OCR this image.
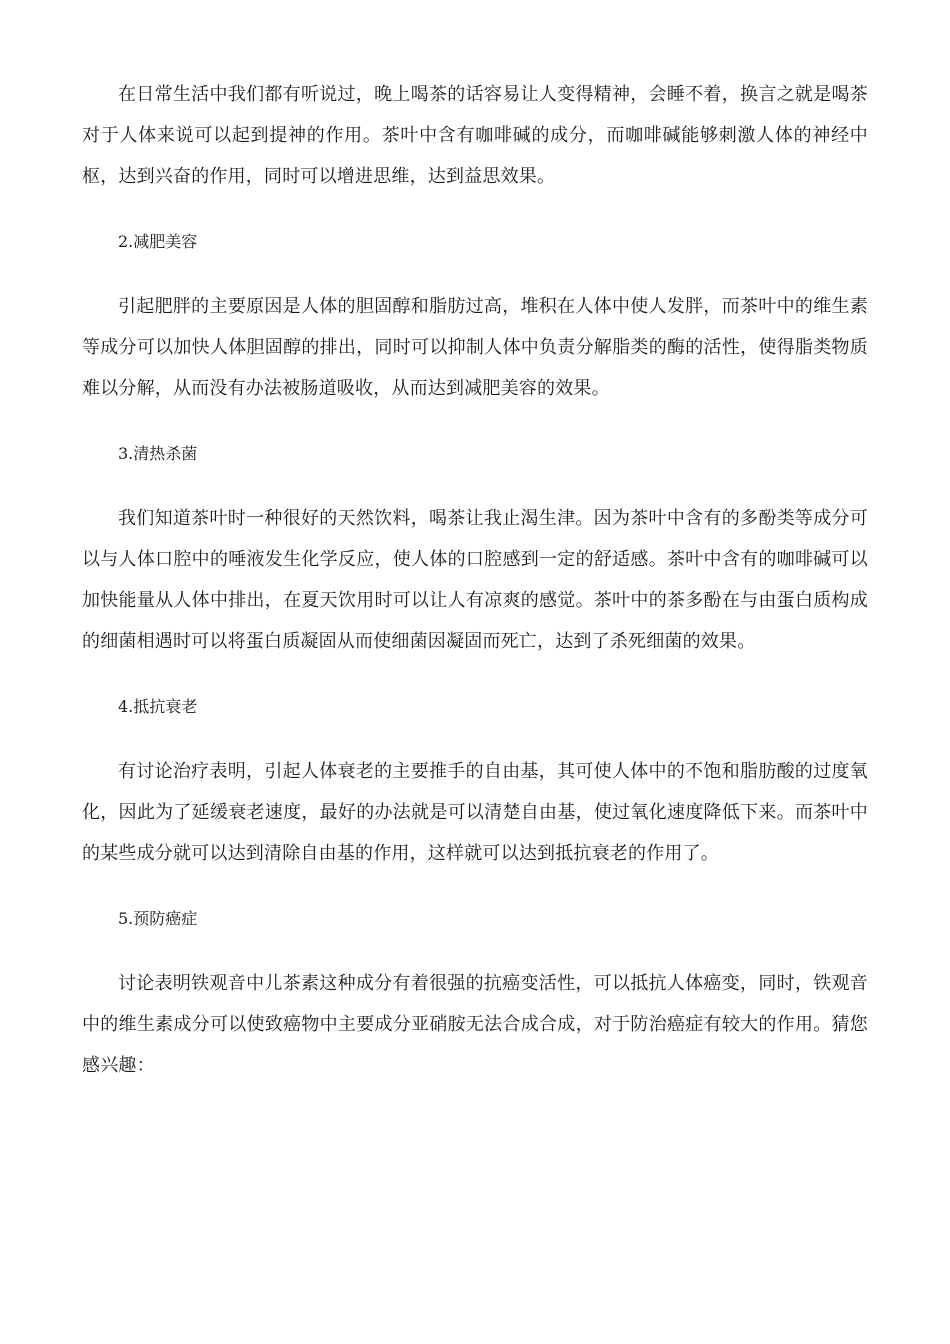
在日常生活中我们都有听说过，晚上喝茶的话容易让人变得精神，会睡不着，换言之就是喝茶对于人体来说可以起到提神的作用。茶叶中含有咖啡碱的成分，而咖啡碱能够刺激人体的神经中枢，达到兴奋的作用，同时可以增进思维，达到益思效果。

2.减肥美容

引起肥胖的主要原因是人体的胆固醇和脂肪过高，堆积在人体中使人发胖，而茶叶中的维生素等成分可以加快人体胆固醇的排出，同时可以抑制人体中负责分解脂类的酶的活性，使得脂类物质难以分解，从而没有办法被肠道吸收，从而达到减肥美容的效果。

3.清热杀菌

我们知道茶叶时一种很好的天然饮料，喝茶让我止渴生津。因为茶叶中含有的多酚类等成分可以与人体口腔中的唾液发生化学反应，使人体的口腔感到一定的舒适感。茶叶中含有的咖啡碱可以加快能量从人体中排出，在夏天饮用时可以让人有凉爽的感觉。茶叶中的茶多酚在与由蛋白质构成的细菌相遇时可以将蛋白质凝固从而使细菌因凝固而死亡，达到了杀死细菌的效果。

4.抵抗衰老

有讨论治疗表明，引起人体衰老的主要推手的自由基，其可使人体中的不饱和脂肪酸的过度氧化，因此为了延缓衰老速度，最好的办法就是可以清楚自由基，使过氧化速度降低下来。而茶叶中的某些成分就可以达到清除自由基的作用，这样就可以达到抵抗衰老的作用了。

5.预防癌症

讨论表明铁观音中儿茶素这种成分有着很强的抗癌变活性，可以抵抗人体癌变，同时，铁观音中的维生素成分可以使致癌物中主要成分亚硝胺无法合成合成，对于防治癌症有较大的作用。猜您感兴趣：
